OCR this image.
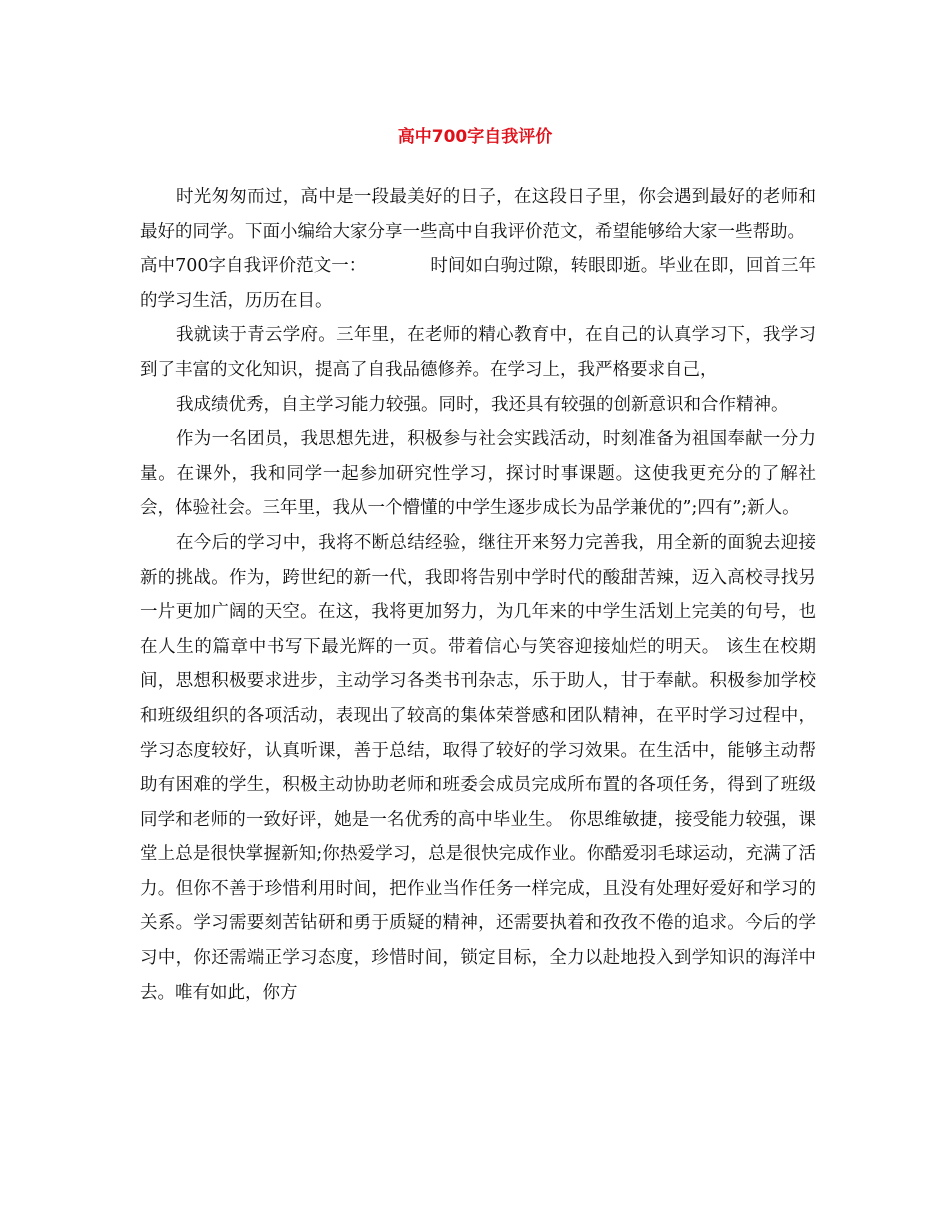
高中700字自我评价

时光匆匆而过，高中是一段最美好的日子，在这段日子里，你会遇到最好的老师和最好的同学。下面小编给大家分享一些高中自我评价范文，希望能够给大家一些帮助。

高中700字自我评价范文一：	时间如白驹过隙，转眼即逝。毕业在即，回首三年的学习生活，历历在目。

我就读于青云学府。三年里，在老师的精心教育中，在自己的认真学习下，我学习到了丰富的文化知识，提高了自我品德修养。在学习上，我严格要求自己，

我成绩优秀，自主学习能力较强。同时，我还具有较强的创新意识和合作精神。

作为一名团员，我思想先进，积极参与社会实践活动，时刻准备为祖国奉献一分力量。在课外，我和同学一起参加研究性学习，探讨时事课题。这使我更充分的了解社会，体验社会。三年里，我从一个懵懂的中学生逐步成长为品学兼优的”;四有”;新人。

在今后的学习中，我将不断总结经验，继往开来努力完善我，用全新的面貌去迎接新的挑战。作为，跨世纪的新一代，我即将告别中学时代的酸甜苦辣，迈入高校寻找另一片更加广阔的天空。在这，我将更加努力，为几年来的中学生活划上完美的句号，也在人生的篇章中书写下最光辉的一页。带着信心与笑容迎接灿烂的明天。 该生在校期间，思想积极要求进步，主动学习各类书刊杂志，乐于助人，甘于奉献。积极参加学校和班级组织的各项活动，表现出了较高的集体荣誉感和团队精神，在平时学习过程中，学习态度较好，认真听课，善于总结，取得了较好的学习效果。在生活中，能够主动帮助有困难的学生，积极主动协助老师和班委会成员完成所布置的各项任务，得到了班级同学和老师的一致好评，她是一名优秀的高中毕业生。 你思维敏捷，接受能力较强，课堂上总是很快掌握新知;你热爱学习，总是很快完成作业。你酷爱羽毛球运动，充满了活力。但你不善于珍惜利用时间，把作业当作任务一样完成，且没有处理好爱好和学习的关系。学习需要刻苦钻研和勇于质疑的精神，还需要执着和孜孜不倦的追求。今后的学习中，你还需端正学习态度，珍惜时间，锁定目标，全力以赴地投入到学知识的海洋中去。唯有如此，你方
